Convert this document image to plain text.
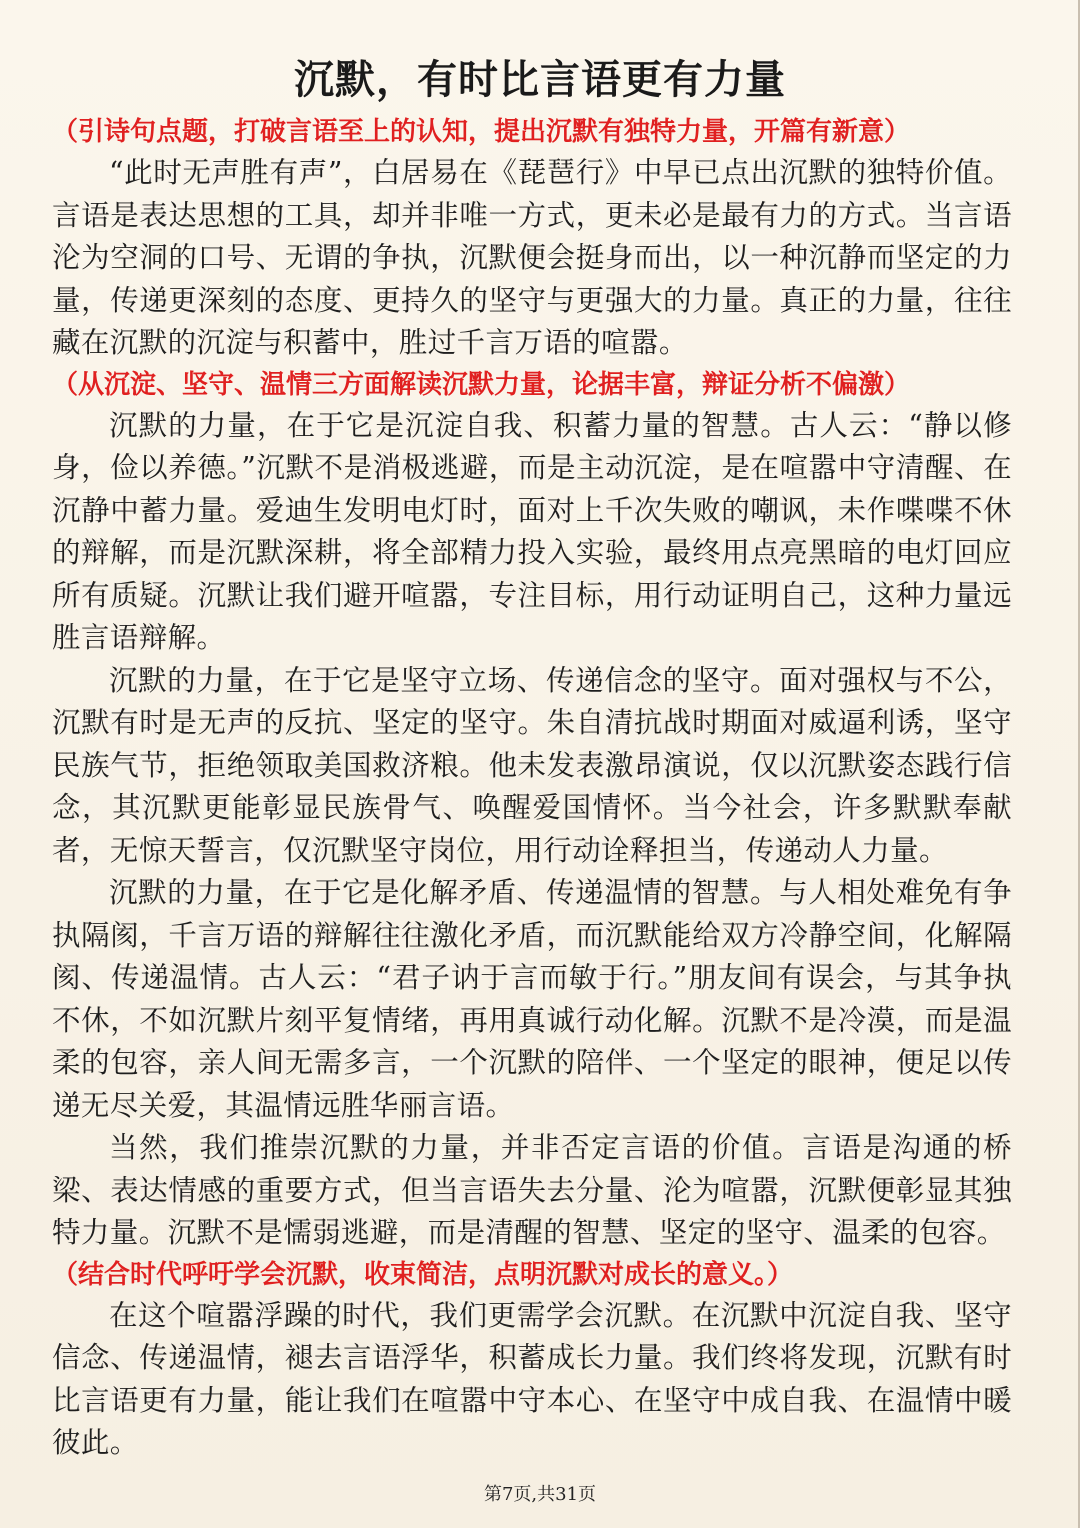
沉默，有时比言语更有力量

（引诗句点题，打破言语至上的认知，提出沉默有独特力量，开篇有新意）

“此时无声胜有声”，白居易在《琵琶行》中早已点出沉默的独特价值。言语是表达思想的工具，却并非唯一方式，更未必是最有力的方式。当言语沦为空洞的口号、无谓的争执，沉默便会挺身而出，以一种沉静而坚定的力量，传递更深刻的态度、更持久的坚守与更强大的力量。真正的力量，往往藏在沉默的沉淀与积蓄中，胜过千言万语的喧嚣。

（从沉淀、坚守、温情三方面解读沉默力量，论据丰富，辩证分析不偏激）

沉默的力量，在于它是沉淀自我、积蓄力量的智慧。古人云：“静以修身，俭以养德。”沉默不是消极逃避，而是主动沉淀，是在喧嚣中守清醒、在沉静中蓄力量。爱迪生发明电灯时，面对上千次失败的嘲讽，未作喋喋不休的辩解，而是沉默深耕，将全部精力投入实验，最终用点亮黑暗的电灯回应所有质疑。沉默让我们避开喧嚣，专注目标，用行动证明自己，这种力量远胜言语辩解。

沉默的力量，在于它是坚守立场、传递信念的坚守。面对强权与不公，沉默有时是无声的反抗、坚定的坚守。朱自清抗战时期面对威逼利诱，坚守民族气节，拒绝领取美国救济粮。他未发表激昂演说，仅以沉默姿态践行信念，其沉默更能彰显民族骨气、唤醒爱国情怀。当今社会，许多默默奉献者，无惊天誓言，仅沉默坚守岗位，用行动诠释担当，传递动人力量。

沉默的力量，在于它是化解矛盾、传递温情的智慧。与人相处难免有争执隔阂，千言万语的辩解往往激化矛盾，而沉默能给双方冷静空间，化解隔阂、传递温情。古人云：“君子讷于言而敏于行。”朋友间有误会，与其争执不休，不如沉默片刻平复情绪，再用真诚行动化解。沉默不是冷漠，而是温柔的包容，亲人间无需多言，一个沉默的陪伴、一个坚定的眼神，便足以传递无尽关爱，其温情远胜华丽言语。

当然，我们推崇沉默的力量，并非否定言语的价值。言语是沟通的桥梁、表达情感的重要方式，但当言语失去分量、沦为喧嚣，沉默便彰显其独特力量。沉默不是懦弱逃避，而是清醒的智慧、坚定的坚守、温柔的包容。

（结合时代呼吁学会沉默，收束简洁，点明沉默对成长的意义。）

在这个喧嚣浮躁的时代，我们更需学会沉默。在沉默中沉淀自我、坚守信念、传递温情，褪去言语浮华，积蓄成长力量。我们终将发现，沉默有时比言语更有力量，能让我们在喧嚣中守本心、在坚守中成自我、在温情中暖彼此。

第7页,共31页
